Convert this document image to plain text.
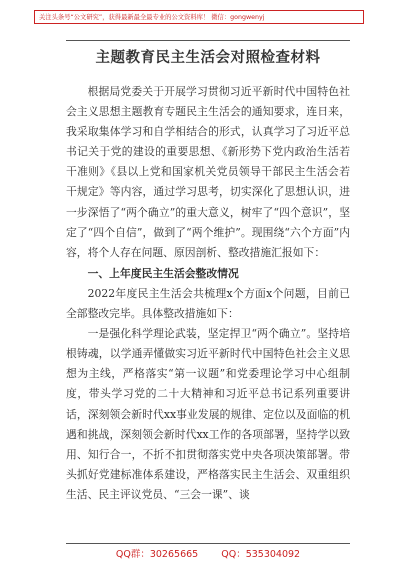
关注头条号“公文研究”，获得最新最全最专业的公文资料库！ 微信：gongwenyj
主题教育民主生活会对照检查材料

根据局党委关于开展学习贯彻习近平新时代中国特色社会主义思想主题教育专题民主生活会的通知要求，连日来，我采取集体学习和自学相结合的形式，认真学习了习近平总书记关于党的建设的重要思想、《新形势下党内政治生活若干准则》《县以上党和国家机关党员领导干部民主生活会若干规定》等内容，通过学习思考，切实深化了思想认识，进一步深悟了“两个确立”的重大意义，树牢了“四个意识”，坚定了“四个自信”，做到了“两个维护”。现围绕“六个方面”内容，将个人存在问题、原因剖析、整改措施汇报如下：

一、上年度民主生活会整改情况

2022年度民主生活会共梳理x个方面x个问题，目前已全部整改完毕。具体整改措施如下：

一是强化科学理论武装，坚定捍卫“两个确立”。坚持培根铸魂，以学通弄懂做实习近平新时代中国特色社会主义思想为主线，严格落实“第一议题”和党委理论学习中心组制度，带头学习党的二十大精神和习近平总书记系列重要讲话，深刻领会新时代xx事业发展的规律、定位以及面临的机遇和挑战，深刻领会新时代xx工作的各项部署，坚持学以致用、知行合一，不折不扣贯彻落实党中央各项决策部署。带头抓好党建标准体系建设，严格落实民主生活会、双重组织生活、民主评议党员、“三会一课”、谈

QQ群：30265665 QQ：535304092
